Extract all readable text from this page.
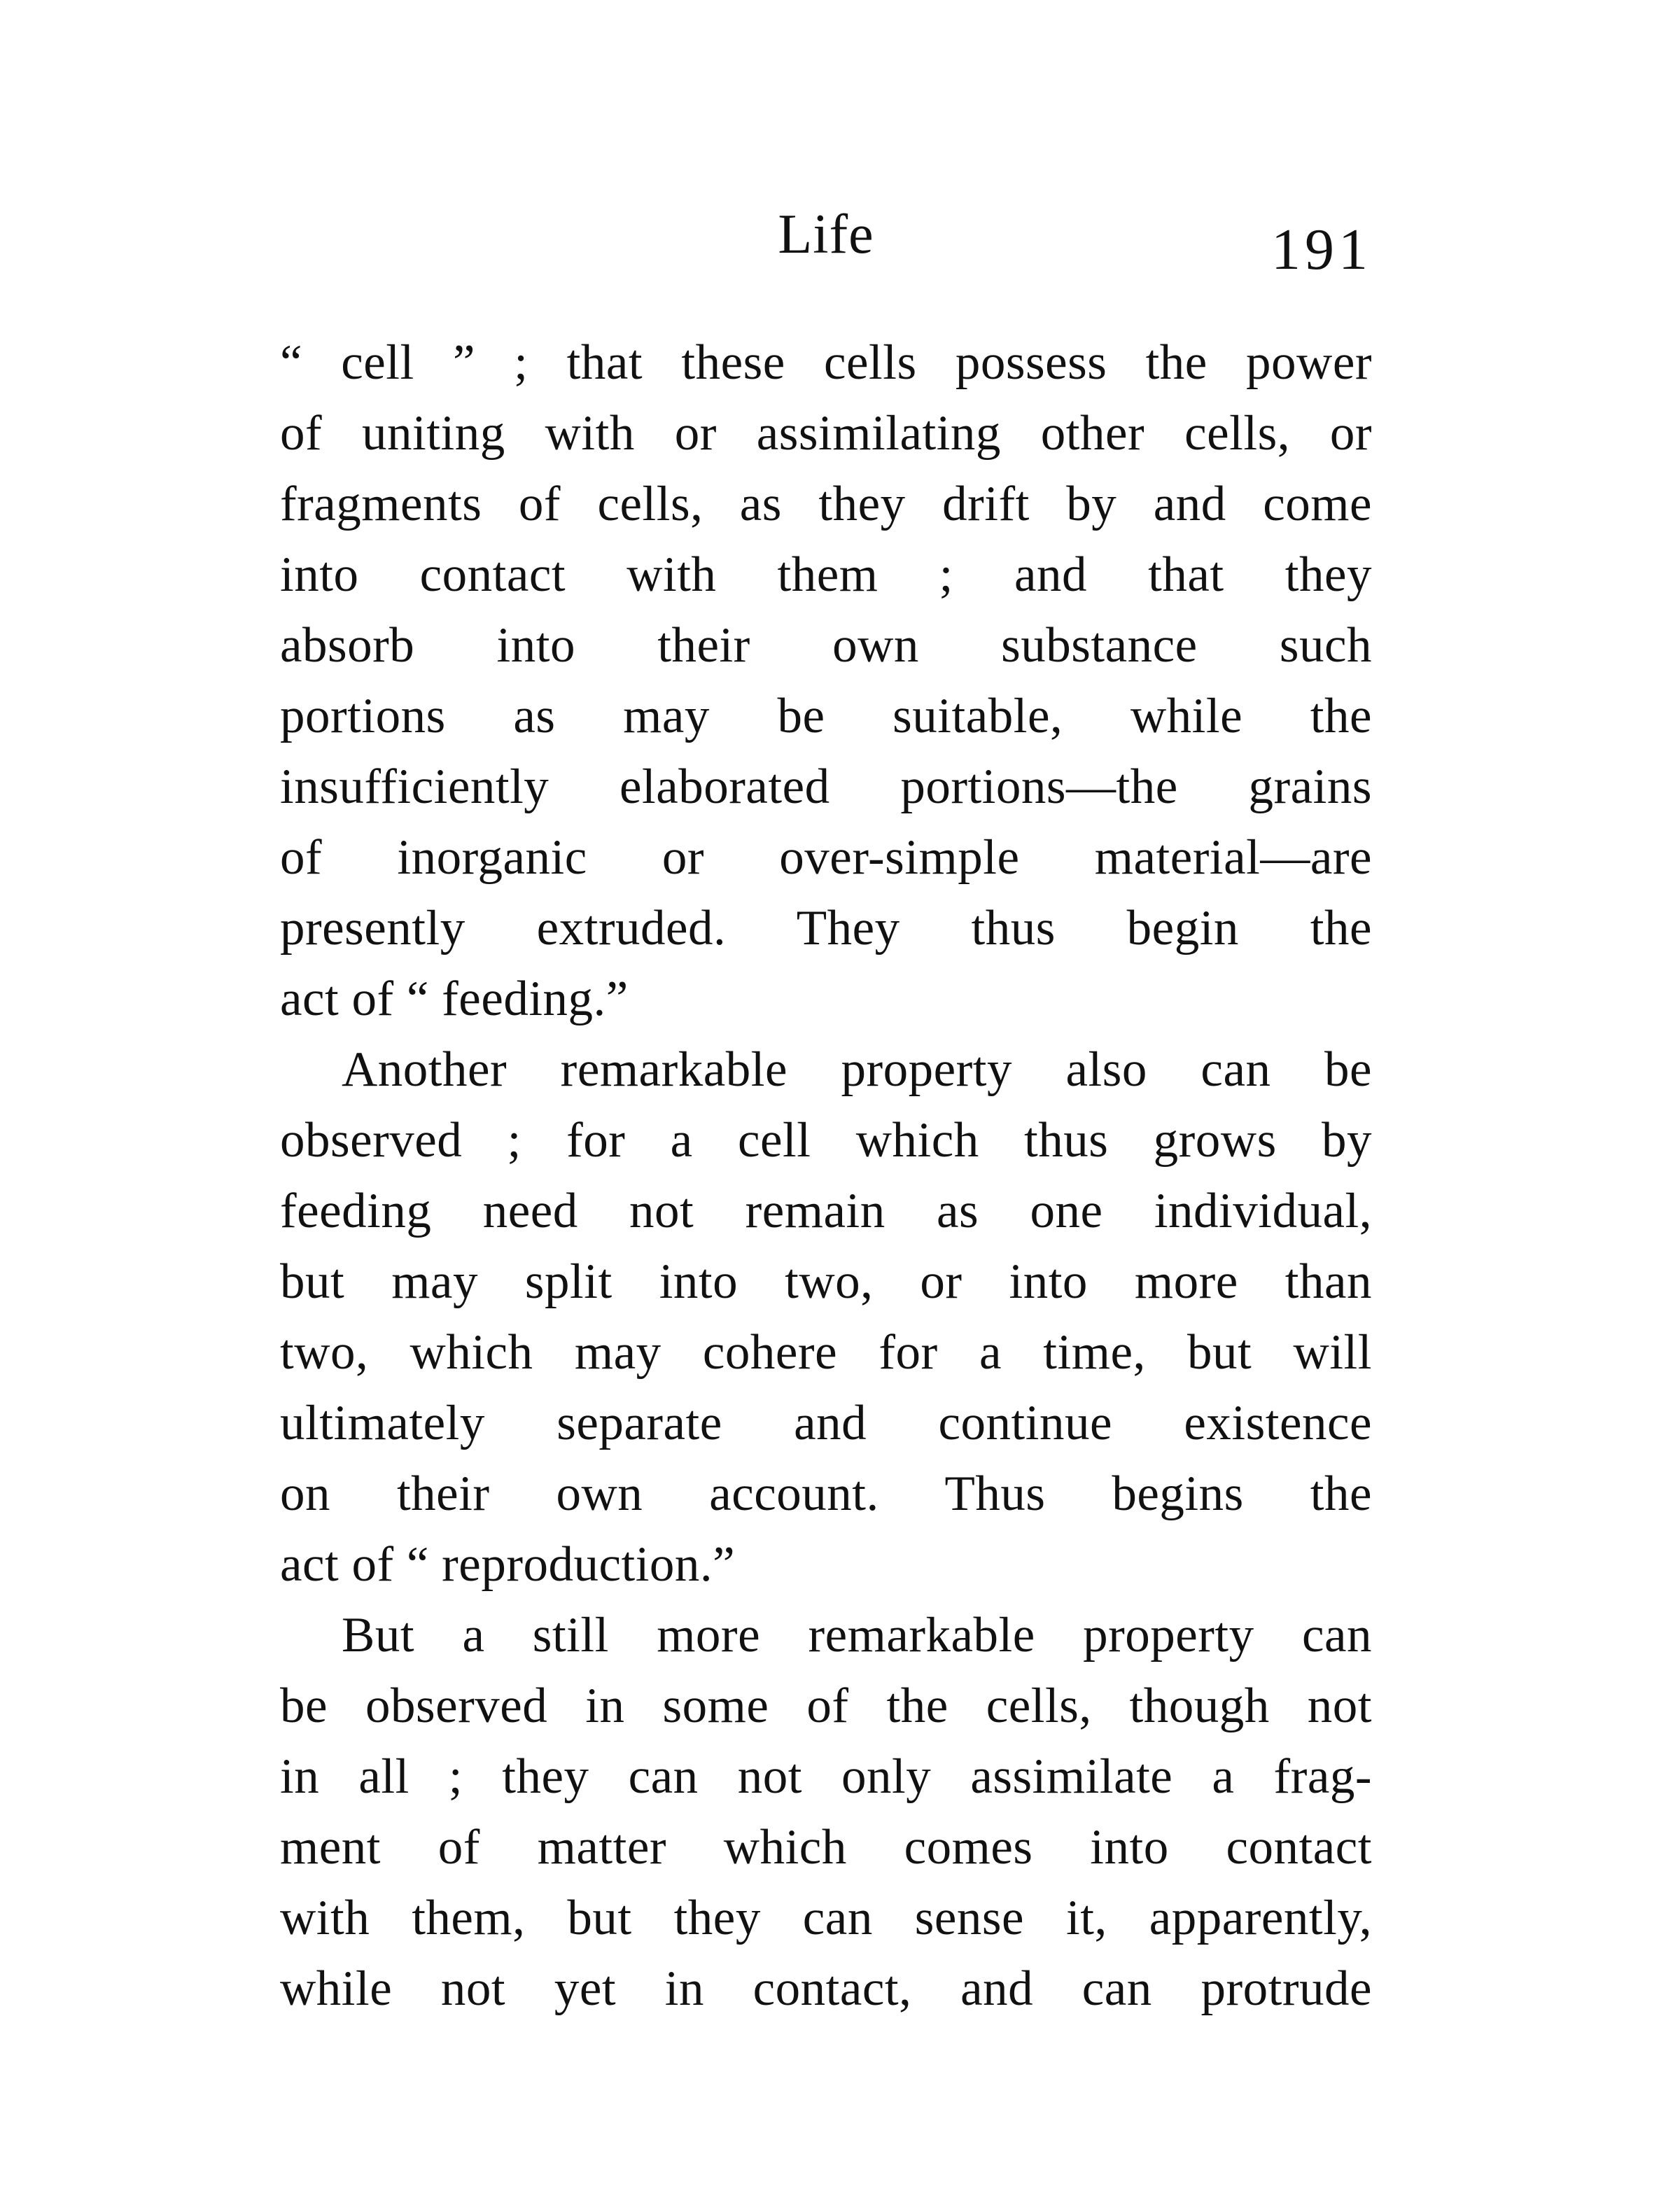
Life	191
“ cell ” ; that these cells possess the power
of uniting with or assimilating other cells, or
fragments of cells, as they drift by and come
into contact with them ; and that they
absorb into their own substance such
portions as may be suitable, while the
insufficiently elaborated portions—the grains
of inorganic or over-simple material—are
presently extruded. They thus begin the
act of “ feeding.”
Another remarkable property also can be
observed ; for a cell which thus grows by
feeding need not remain as one individual,
but may split into two, or into more than
two, which may cohere for a time, but will
ultimately separate and continue existence
on their own account. Thus begins the
act of “ reproduction.”
But a still more remarkable property can
be observed in some of the cells, though not
in all ; they can not only assimilate a frag-
ment of matter which comes into contact
with them, but they can sense it, apparently,
while not yet in contact, and can protrude
